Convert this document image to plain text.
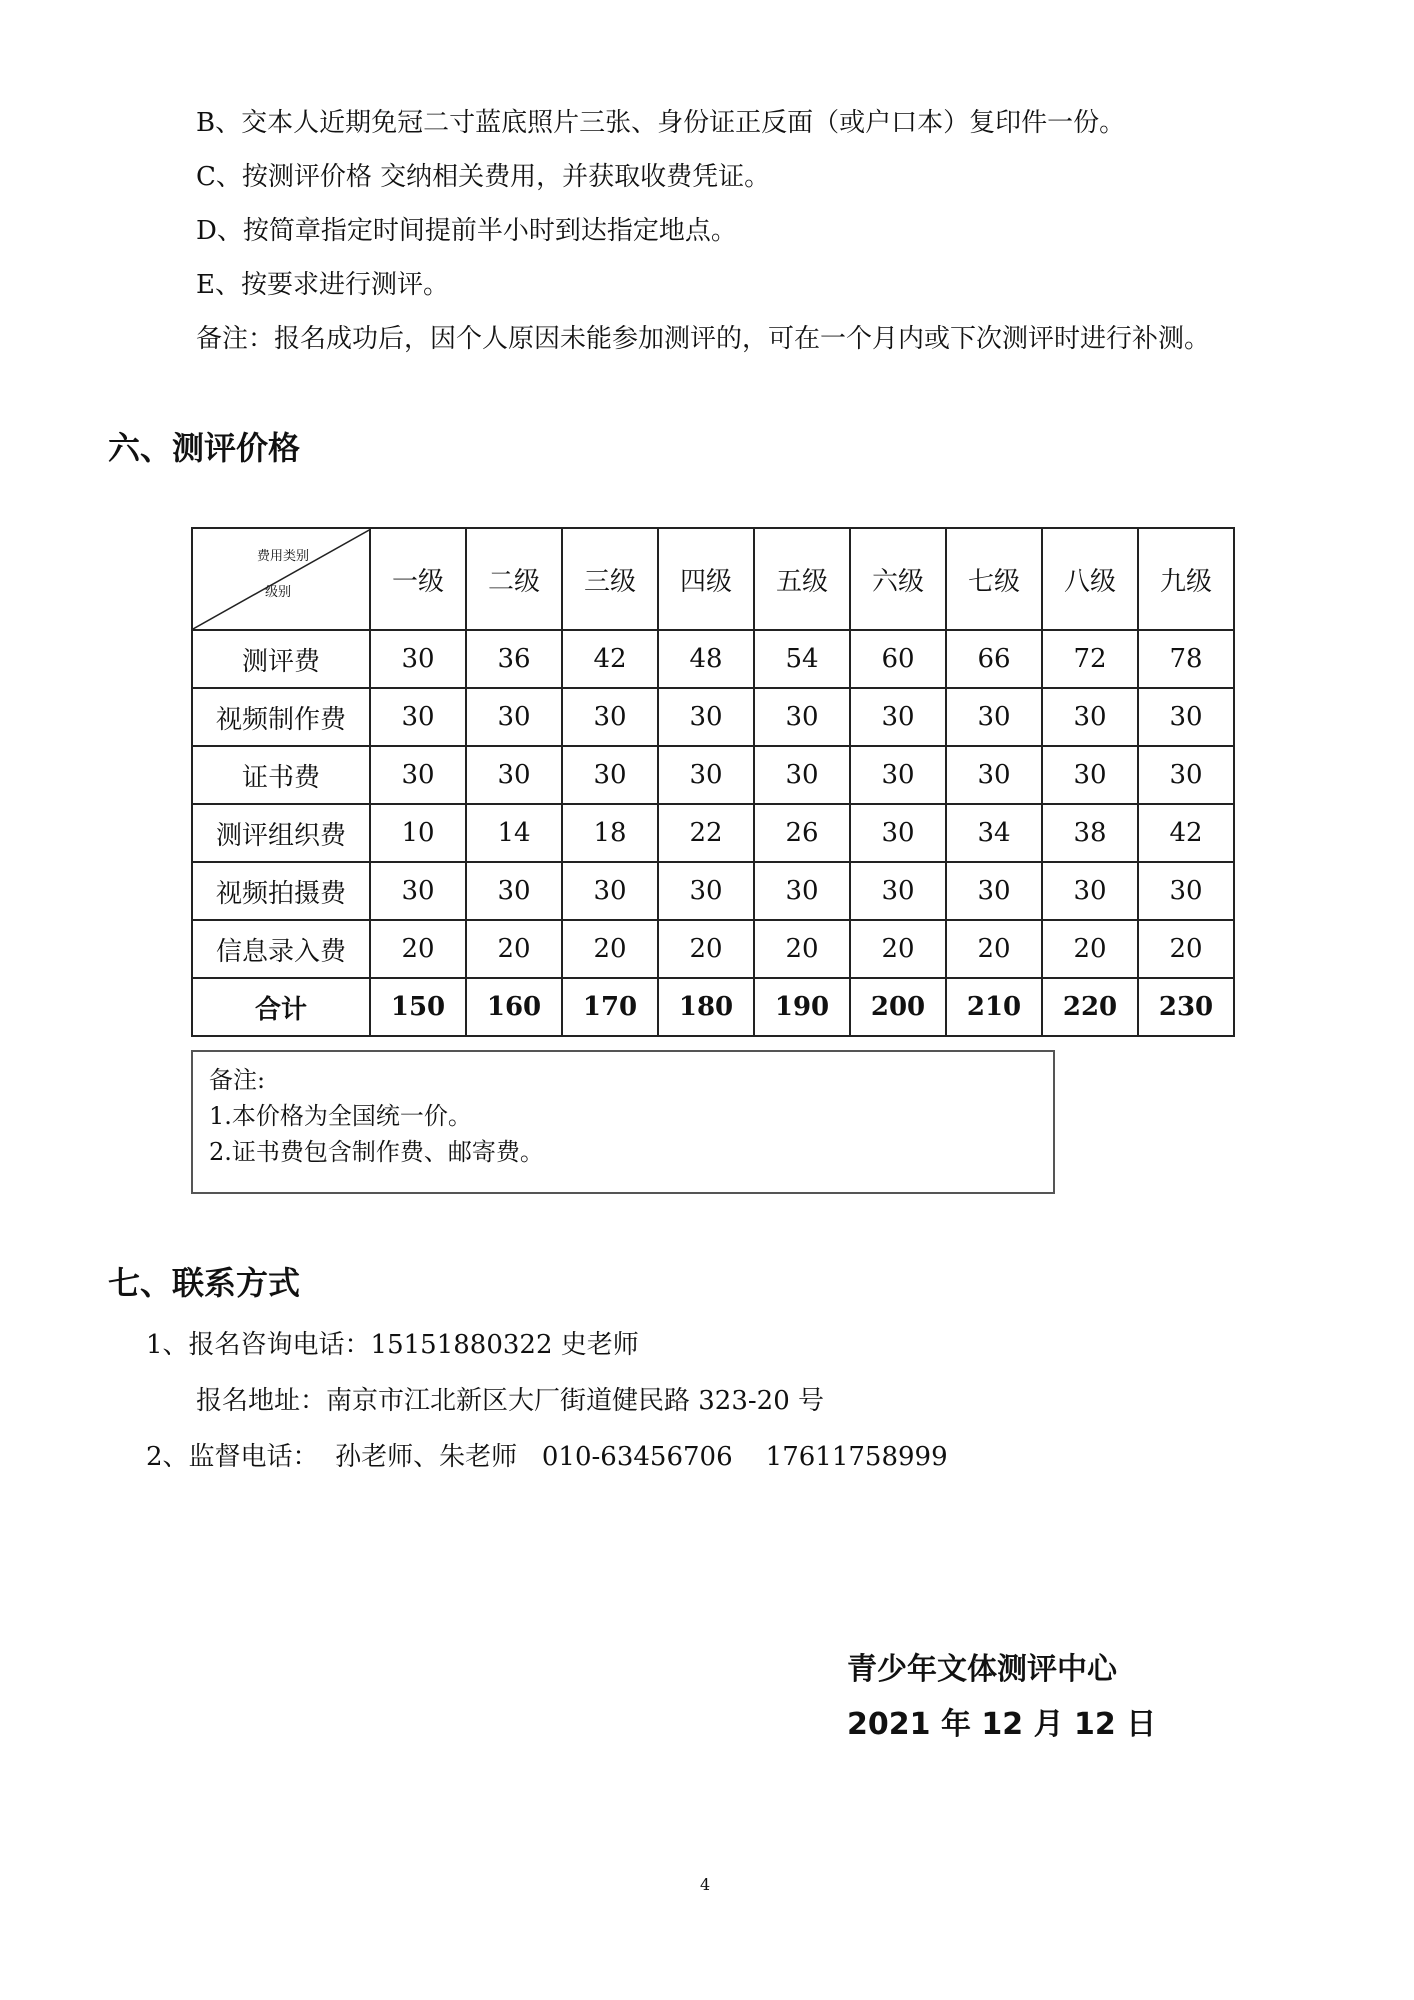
B、交本人近期免冠二寸蓝底照片三张、身份证正反面（或户口本）复印件一份。
C、按测评价格 交纳相关费用，并获取收费凭证。
D、按简章指定时间提前半小时到达指定地点。
E、按要求进行测评。
备注：报名成功后，因个人原因未能参加测评的，可在一个月内或下次测评时进行补测。
六、测评价格
费用类别
级别	一级	二级	三级	四级	五级	六级	七级	八级	九级
测评费	30	36	42	48	54	60	66	72	78
视频制作费	30	30	30	30	30	30	30	30	30
证书费	30	30	30	30	30	30	30	30	30
测评组织费	10	14	18	22	26	30	34	38	42
视频拍摄费	30	30	30	30	30	30	30	30	30
信息录入费	20	20	20	20	20	20	20	20	20
合计	150	160	170	180	190	200	210	220	230
备注:
1.本价格为全国统一价。
2.证书费包含制作费、邮寄费。
七、联系方式
1、报名咨询电话：15151880322 史老师
报名地址：南京市江北新区大厂街道健民路 323-20 号
2、监督电话：  孙老师、朱老师   010-63456706    17611758999
青少年文体测评中心
2021 年 12 月 12 日
4
